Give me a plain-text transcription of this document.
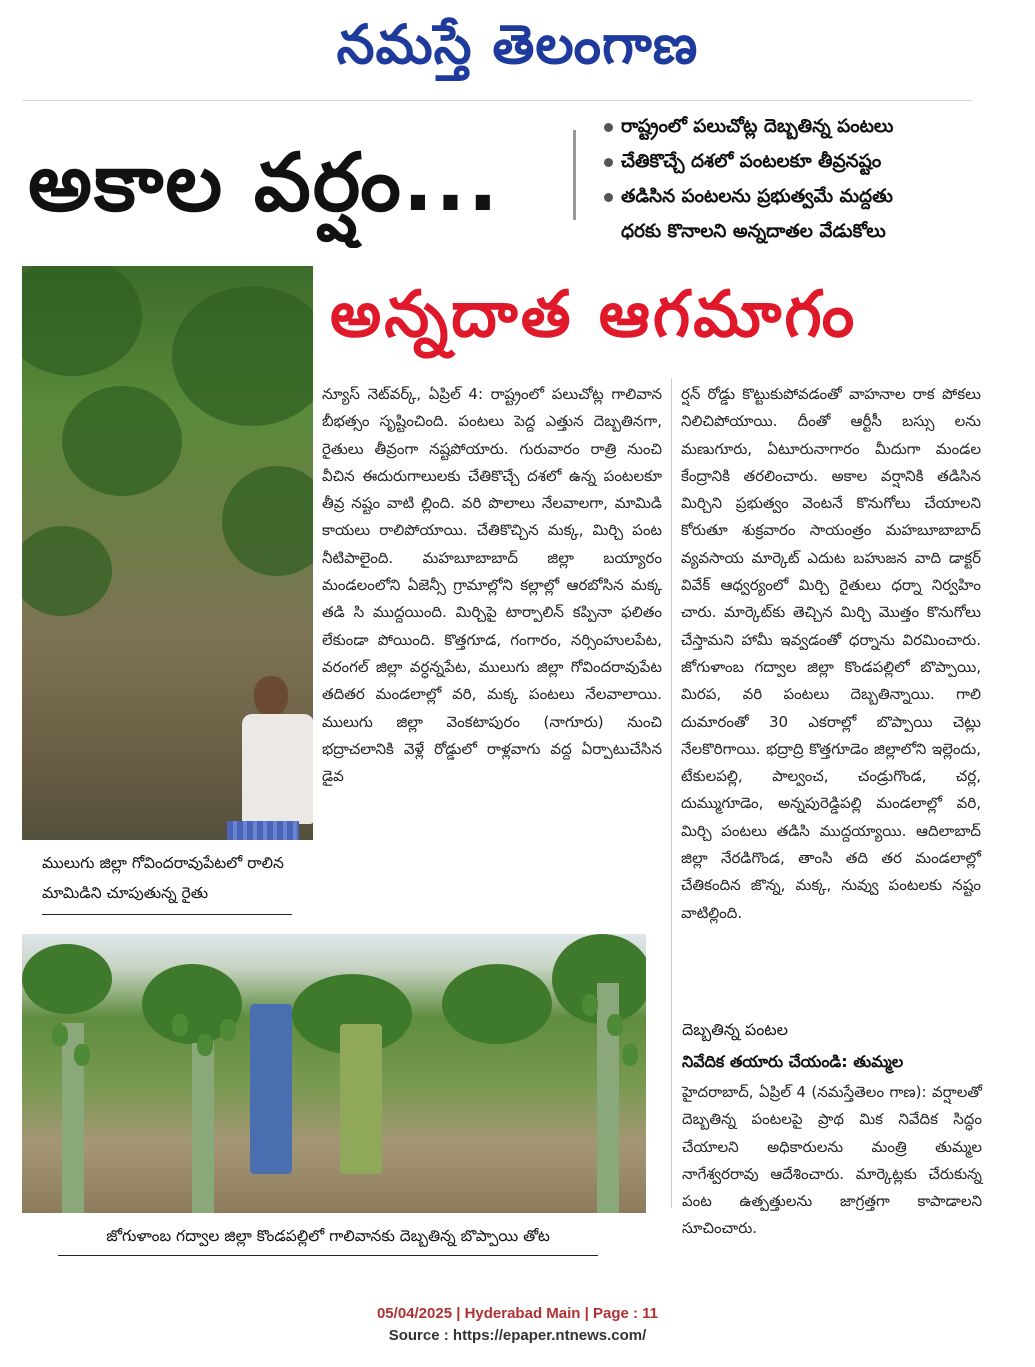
నమస్తే తెలంగాణ
అకాల వర్షం...
రాష్ట్రంలో పలుచోట్ల దెబ్బతిన్న పంటలు
చేతికొచ్చే దశలో పంటలకూ తీవ్రనష్టం
తడిసిన పంటలను ప్రభుత్వమే మద్దతు
ధరకు కొనాలని అన్నదాతల వేడుకోలు
అన్నదాత ఆగమాగం
ములుగు జిల్లా గోవిందరావుపేటలో రాలిన మామిడిని చూపుతున్న రైతు
న్యూస్ నెట్‌వర్క్, ఏప్రిల్ 4: రాష్ట్రంలో పలుచోట్ల గాలివాన బీభత్సం సృష్టించింది. పంటలు పెద్ద ఎత్తున దెబ్బతినగా, రైతులు తీవ్రంగా నష్టపోయారు. గురువారం రాత్రి నుంచి వీచిన ఈదురుగాలులకు చేతికొచ్చే దశలో ఉన్న పంటలకూ తీవ్ర నష్టం వాటి ల్లింది. వరి పొలాలు నేలవాలగా, మామిడి కాయలు రాలిపోయాయి. చేతికొచ్చిన మక్క, మిర్చి పంట నీటిపాలైంది. మహబూబాబాద్ జిల్లా బయ్యారం మండలంలోని ఏజెన్సీ గ్రామాల్లోని కల్లాల్లో ఆరబోసిన మక్క తడి సి ముద్దయింది. మిర్చిపై టార్పాలిన్ కప్పినా ఫలితం లేకుండా పోయింది. కొత్తగూడ, గంగారం, నర్సింహులపేట, వరంగల్ జిల్లా వర్ధన్నపేట, ములుగు జిల్లా గోవిందరావుపేట తదితర మండలాల్లో వరి, మక్క పంటలు నేలవాలాయి. ములుగు జిల్లా వెంకటాపురం (నాగూరు) నుంచి భద్రాచలానికి వెళ్లే రోడ్డులో రాళ్లవాగు వద్ద ఏర్పాటుచేసిన డైవ
ర్షన్ రోడ్డు కొట్టుకుపోవడంతో వాహనాల రాక పోకలు నిలిచిపోయాయి. దీంతో ఆర్టీసీ బస్సు లను మణుగూరు, ఏటూరునాగారం మీదుగా మండల కేంద్రానికి తరలించారు. అకాల వర్షానికి తడిసిన మిర్చిని ప్రభుత్వం వెంటనే కొనుగోలు చేయాలని కోరుతూ శుక్రవారం సాయంత్రం మహబూబాబాద్ వ్యవసాయ మార్కెట్ ఎదుట బహుజన వాది డాక్టర్ వివేక్ ఆధ్వర్యంలో మిర్చి రైతులు ధర్నా నిర్వహిం చారు. మార్కెట్‌కు తెచ్చిన మిర్చి మొత్తం కొనుగోలు చేస్తామని హామీ ఇవ్వడంతో ధర్నాను విరమించారు. జోగుళాంబ గద్వాల జిల్లా కొండపల్లిలో బొప్పాయి, మిరప, వరి పంటలు దెబ్బతిన్నాయి. గాలి దుమారంతో 30 ఎకరాల్లో బొప్పాయి చెట్లు నేలకొరిగాయి. భద్రాద్రి కొత్తగూడెం జిల్లాలోని ఇల్లెందు, టేకులపల్లి, పాల్వంచ, చండ్రుగొండ, చర్ల, దుమ్ముగూడెం, అన్నపురెడ్డిపల్లి మండలాల్లో వరి, మిర్చి పంటలు తడిసి ముద్దయ్యాయి. ఆదిలాబాద్ జిల్లా నేరడిగొండ, తాంసి తది తర మండలాల్లో చేతికందిన జొన్న, మక్క, నువ్వు పంటలకు నష్టం వాటిల్లింది.
దెబ్బతిన్న పంటల
నివేదిక తయారు చేయండి: తుమ్మల
హైదరాబాద్, ఏప్రిల్ 4 (నమస్తేతెలం గాణ): వర్షాలతో దెబ్బతిన్న పంటలపై ప్రాథ మిక నివేదిక సిద్ధం చేయాలని అధికారులను మంత్రి తుమ్మల నాగేశ్వరరావు ఆదేశించారు. మార్కెట్లకు చేరుకున్న పంట ఉత్పత్తులను జాగ్రత్తగా కాపాడాలని సూచించారు.
జోగుళాంబ గద్వాల జిల్లా కొండపల్లిలో గాలివానకు దెబ్బతిన్న బొప్పాయి తోట
05/04/2025 | Hyderabad Main | Page : 11
Source : https://epaper.ntnews.com/
